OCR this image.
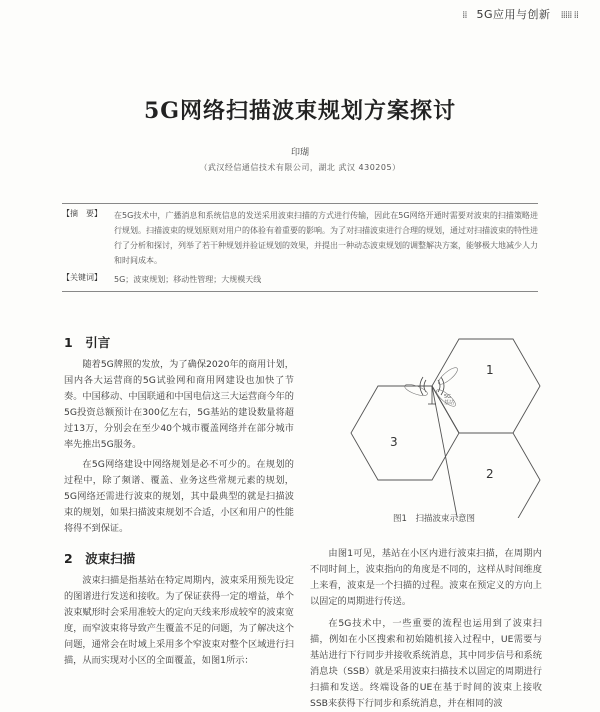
⁞⁞ 5G应用与创新 ⁞⁞⁞⁞⁞ ⁞⁞
5G网络扫描波束规划方案探讨
印瑚
（武汉经信通信技术有限公司，湖北 武汉 430205）
【摘　要】	在5G技术中，广播消息和系统信息的发送采用波束扫描的方式进行传输，因此在5G网络开通时需要对波束的扫描策略进行规划。扫描波束的规划原则对用户的体验有着重要的影响。为了对扫描波束进行合理的规划，通过对扫描波束的特性进行了分析和探讨，列举了若干种规划并验证规划的效果，并提出一种动态波束规划的调整解决方案，能够极大地减少人力和时间成本。
【关键词】	5G；波束规划；移动性管理；大规模天线
1　引言

随着5G牌照的发放，为了确保2020年的商用计划，国内各大运营商的5G试验网和商用网建设也加快了节奏。中国移动、中国联通和中国电信这三大运营商今年的5G投资总额预计在300亿左右，5G基站的建设数量将超过13万，分别会在至少40个城市覆盖网络并在部分城市率先推出5G服务。

在5G网络建设中网络规划是必不可少的。在规划的过程中，除了频谱、覆盖、业务这些常规元素的规划，5G网络还需进行波束的规划，其中最典型的就是扫描波束的规划，如果扫描波束规划不合适，小区和用户的性能将得不到保证。

2　波束扫描

波束扫描是指基站在特定周期内，波束采用预先设定的图谱进行发送和接收。为了保证获得一定的增益，单个波束赋形时会采用准较大的定向天线来形成较窄的波束宽度，而窄波束将导致产生覆盖不足的问题，为了解决这个问题，通常会在时域上采用多个窄波束对整个区域进行扫描，从而实现对小区的全面覆盖，如图1所示：

1
2
3
5G 基站
图1　扫描波束示意图

由图1可见，基站在小区内进行波束扫描，在周期内不同时间上，波束指向的角度是不同的，这样从时间维度上来看，波束是一个扫描的过程。波束在预定义的方向上以固定的周期进行传送。

在5G技术中，一些重要的流程也运用到了波束扫描，例如在小区搜索和初始随机接入过程中，UE需要与基站进行下行同步并接收系统消息，其中同步信号和系统消息块（SSB）就是采用波束扫描技术以固定的周期进行扫描和发送。终端设备的UE在基于时间的波束上接收SSB来获得下行同步和系统消息，并在相同的波
